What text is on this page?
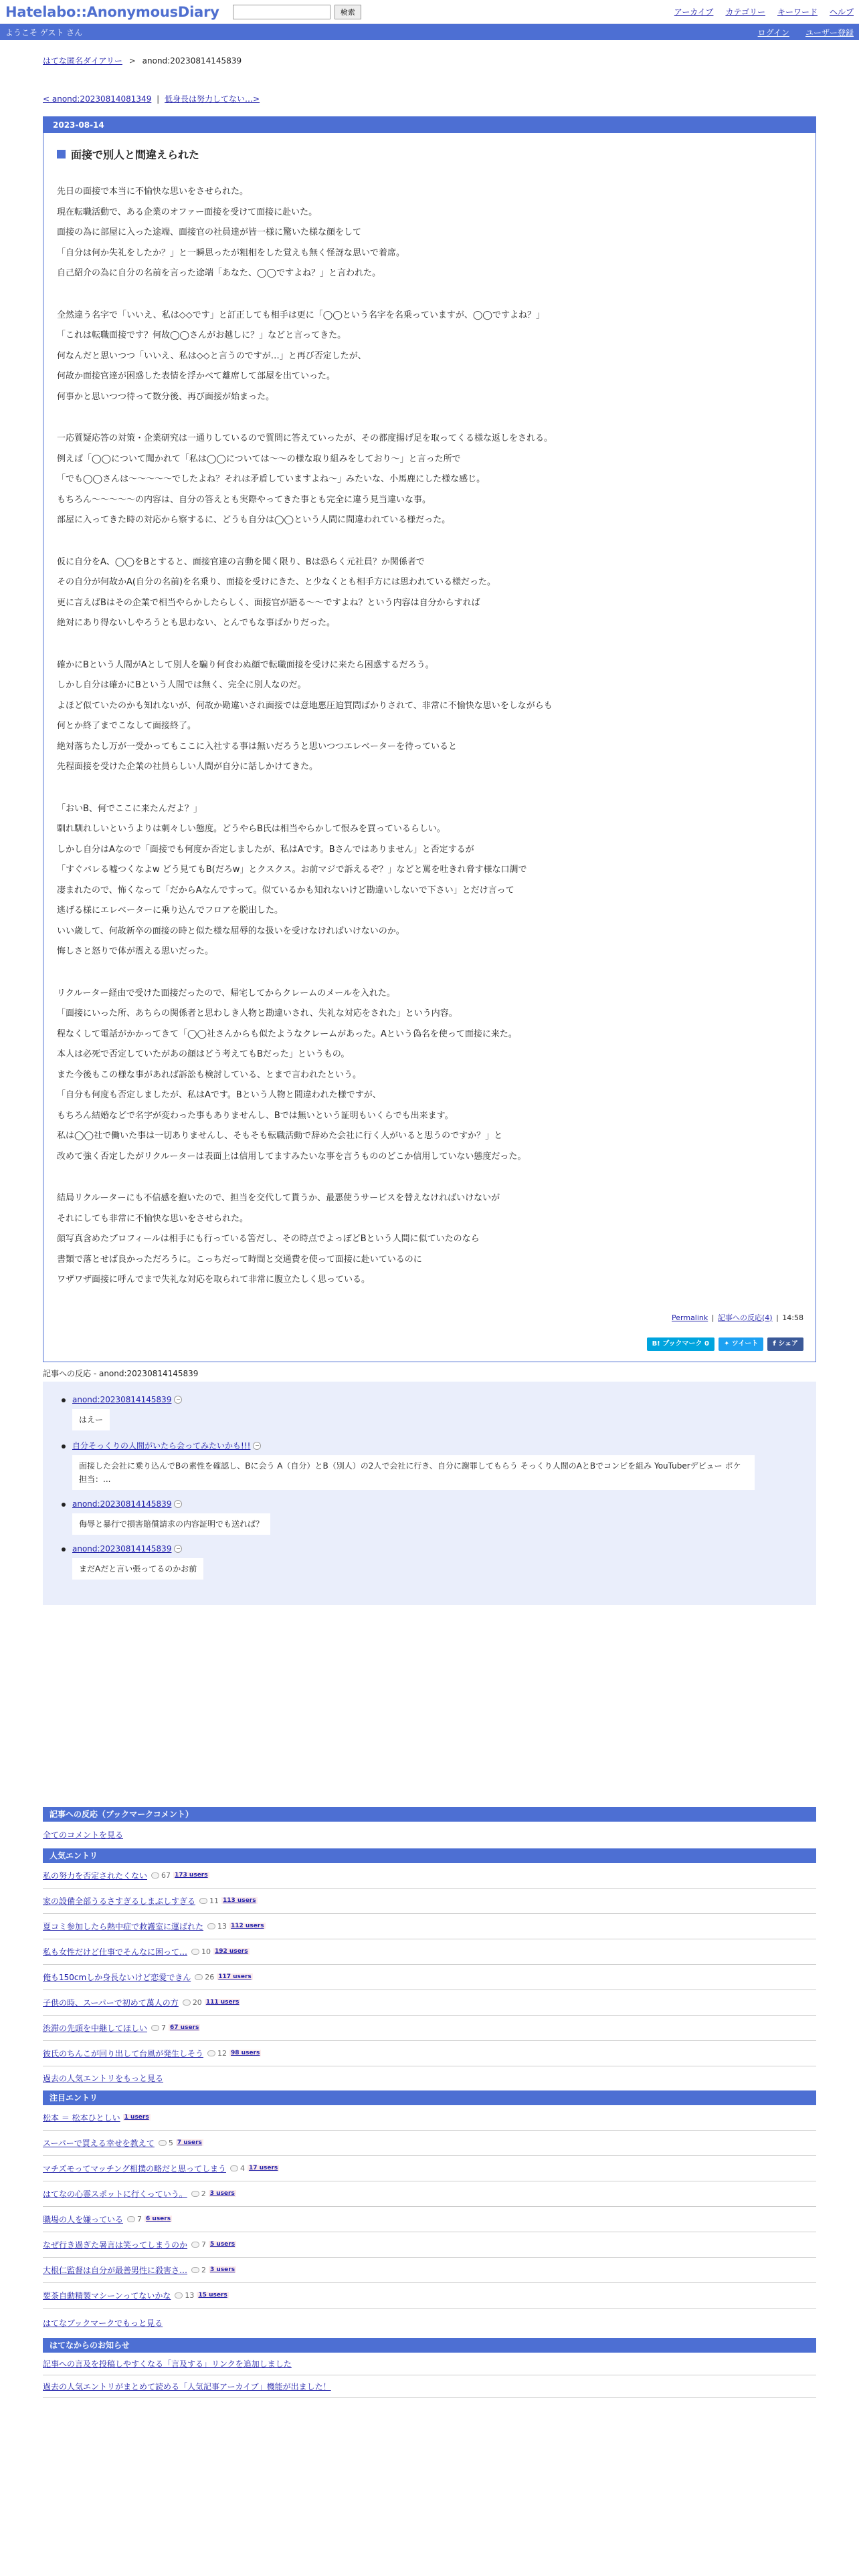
Hatelabo::AnonymousDiary	検索	アーカイブ カテゴリー キーワード ヘルプ
ようこそ ゲスト さん	ログイン ユーザー登録
はてな匿名ダイアリー > anond:20230814145839
< anond:20230814081349 | 低身長は努力してない…>
2023-08-14
面接で別人と間違えられた
先日の面接で本当に不愉快な思いをさせられた。
現在転職活動で、ある企業のオファー面接を受けて面接に赴いた。
面接の為に部屋に入った途端、面接官の社員達が皆一様に驚いた様な顔をして
「自分は何か失礼をしたか？」と一瞬思ったが粗相をした覚えも無く怪訝な思いで着席。
自己紹介の為に自分の名前を言った途端「あなた、◯◯ですよね？」と言われた。
全然違う名字で「いいえ、私は◇◇です」と訂正しても相手は更に「◯◯という名字を名乗っていますが、◯◯ですよね？」
「これは転職面接です？何故◯◯さんがお越しに？」などと言ってきた。
何なんだと思いつつ「いいえ、私は◇◇と言うのですが…」と再び否定したが、
何故か面接官達が困惑した表情を浮かべて離席して部屋を出ていった。
何事かと思いつつ待って数分後、再び面接が始まった。
一応質疑応答の対策・企業研究は一通りしているので質問に答えていったが、その都度揚げ足を取ってくる様な返しをされる。
例えば「◯◯について聞かれて「私は◯◯については〜〜の様な取り組みをしており〜」と言った所で
「でも◯◯さんは〜〜〜〜〜でしたよね？それは矛盾していますよね〜」みたいな、小馬鹿にした様な感じ。
もちろん〜〜〜〜〜の内容は、自分の答えとも実際やってきた事とも完全に違う見当違いな事。
部屋に入ってきた時の対応から察するに、どうも自分は◯◯という人間に間違われている様だった。
仮に自分をA、◯◯をBとすると、面接官達の言動を聞く限り、Bは恐らく元社員？か関係者で
その自分が何故かA(自分の名前)を名乗り、面接を受けにきた、と少なくとも相手方には思われている様だった。
更に言えばBはその企業で相当やらかしたらしく、面接官が語る〜〜ですよね？という内容は自分からすれば
絶対にあり得ないしやろうとも思わない、とんでもな事ばかりだった。
確かにBという人間がAとして別人を騙り何食わぬ顔で転職面接を受けに来たら困惑するだろう。
しかし自分は確かにBという人間では無く、完全に別人なのだ。
よほど似ていたのかも知れないが、何故か勘違いされ面接では意地悪圧迫質問ばかりされて、非常に不愉快な思いをしながらも
何とか終了までこなして面接終了。
絶対落ちたし万が一受かってもここに入社する事は無いだろうと思いつつエレベーターを待っていると
先程面接を受けた企業の社員らしい人間が自分に話しかけてきた。
「おいB、何でここに来たんだよ？」
馴れ馴れしいというよりは刺々しい態度。どうやらB氏は相当やらかして恨みを買っているらしい。
しかし自分はAなので「面接でも何度か否定しましたが、私はAです。Bさんではありません」と否定するが
「すぐバレる嘘つくなよw どう見てもB(だろw」とクスクス。お前マジで訴えるぞ？」などと罵を吐きれ脅す様な口調で
凄まれたので、怖くなって「だからAなんですって。似ているかも知れないけど勘違いしないで下さい」とだけ言って
逃げる様にエレベーターに乗り込んでフロアを脱出した。
いい歳して、何故新卒の面接の時と似た様な屈辱的な扱いを受けなければいけないのか。
悔しさと怒りで体が震える思いだった。
リクルーター経由で受けた面接だったので、帰宅してからクレームのメールを入れた。
「面接にいった所、あちらの関係者と思わしき人物と勘違いされ、失礼な対応をされた」という内容。
程なくして電話がかかってきて「◯◯社さんからも似たようなクレームがあった。Aという偽名を使って面接に来た。
本人は必死で否定していたがあの顔はどう考えてもBだった」というもの。
また今後もこの様な事があれば訴訟も検討している、とまで言われたという。
「自分も何度も否定しましたが、私はAです。Bという人物と間違われた様ですが、
もちろん結婚などで名字が変わった事もありませんし、Bでは無いという証明もいくらでも出来ます。
私は◯◯社で働いた事は一切ありませんし、そもそも転職活動で辞めた会社に行く人がいると思うのですか？」と
改めて強く否定したがリクルーターは表面上は信用してますみたいな事を言うもののどこか信用していない態度だった。
結局リクルーターにも不信感を抱いたので、担当を交代して貰うか、最悪使うサービスを替えなければいけないが
それにしても非常に不愉快な思いをさせられた。
顔写真含めたプロフィールは相手にも行っている筈だし、その時点でよっぽどBという人間に似ていたのなら
書類で落とせば良かっただろうに。こっちだって時間と交通費を使って面接に赴いているのに
ワザワザ面接に呼んでまで失礼な対応を取られて非常に腹立たしく思っている。
Permalink | 記事への反応(4) | 14:58
B! ブックマーク 0	✦ ツイート	f シェア
記事への反応 - anond:20230814145839
anond:20230814145839 −
はえー
自分そっくりの人間がいたら会ってみたいかも!!! −
面接した会社に乗り込んでBの素性を確認し、Bに会う A（自分）とB（別人）の2人で会社に行き、自分に謝罪してもらう そっくり人間のAとBでコンビを組み YouTuberデビュー ポケ担当：...
anond:20230814145839 −
侮辱と暴行で損害賠償請求の内容証明でも送れば？
anond:20230814145839 −
まだAだと言い張ってるのかお前
記事への反応（ブックマークコメント）
全てのコメントを見る
人気エントリ
私の努力を否定されたくない 67 173 users
家の設備全部うるさすぎるしまぶしすぎる 11 113 users
夏コミ参加したら熱中症で救護室に運ばれた 13 112 users
私も女性だけど仕事でそんなに困って… 10 192 users
俺も150cmしか身長ないけど恋愛できん 26 117 users
子供の時、スーパーで初めて萬人の方 20 111 users
渋滞の先頭を中継してほしい 7 67 users
彼氏のちんこが回り出して台風が発生しそう 12 98 users
過去の人気エントリをもっと見る
注目エントリ
松本 ＝ 松本ひとしい 1 users
スーパーで買える幸せを教えて 5 7 users
マチズモってマッチング相撲の略だと思ってしまう 4 17 users
はてなの心霊スポットに行くっていう。 2 3 users
職場の人を嫌っている 7 6 users
なぜ行き過ぎた暑言は笑ってしまうのか 7 5 users
大根仁監督は自分が最善男性に殺害さ… 2 3 users
要茶自動精製マシーンってないかな 13 15 users
はてなブックマークでもっと見る
はてなからのお知らせ
記事への言及を投稿しやすくなる「言及する」リンクを追加しました
過去の人気エントリがまとめて読める「人気記事アーカイブ」機能が出ました！
